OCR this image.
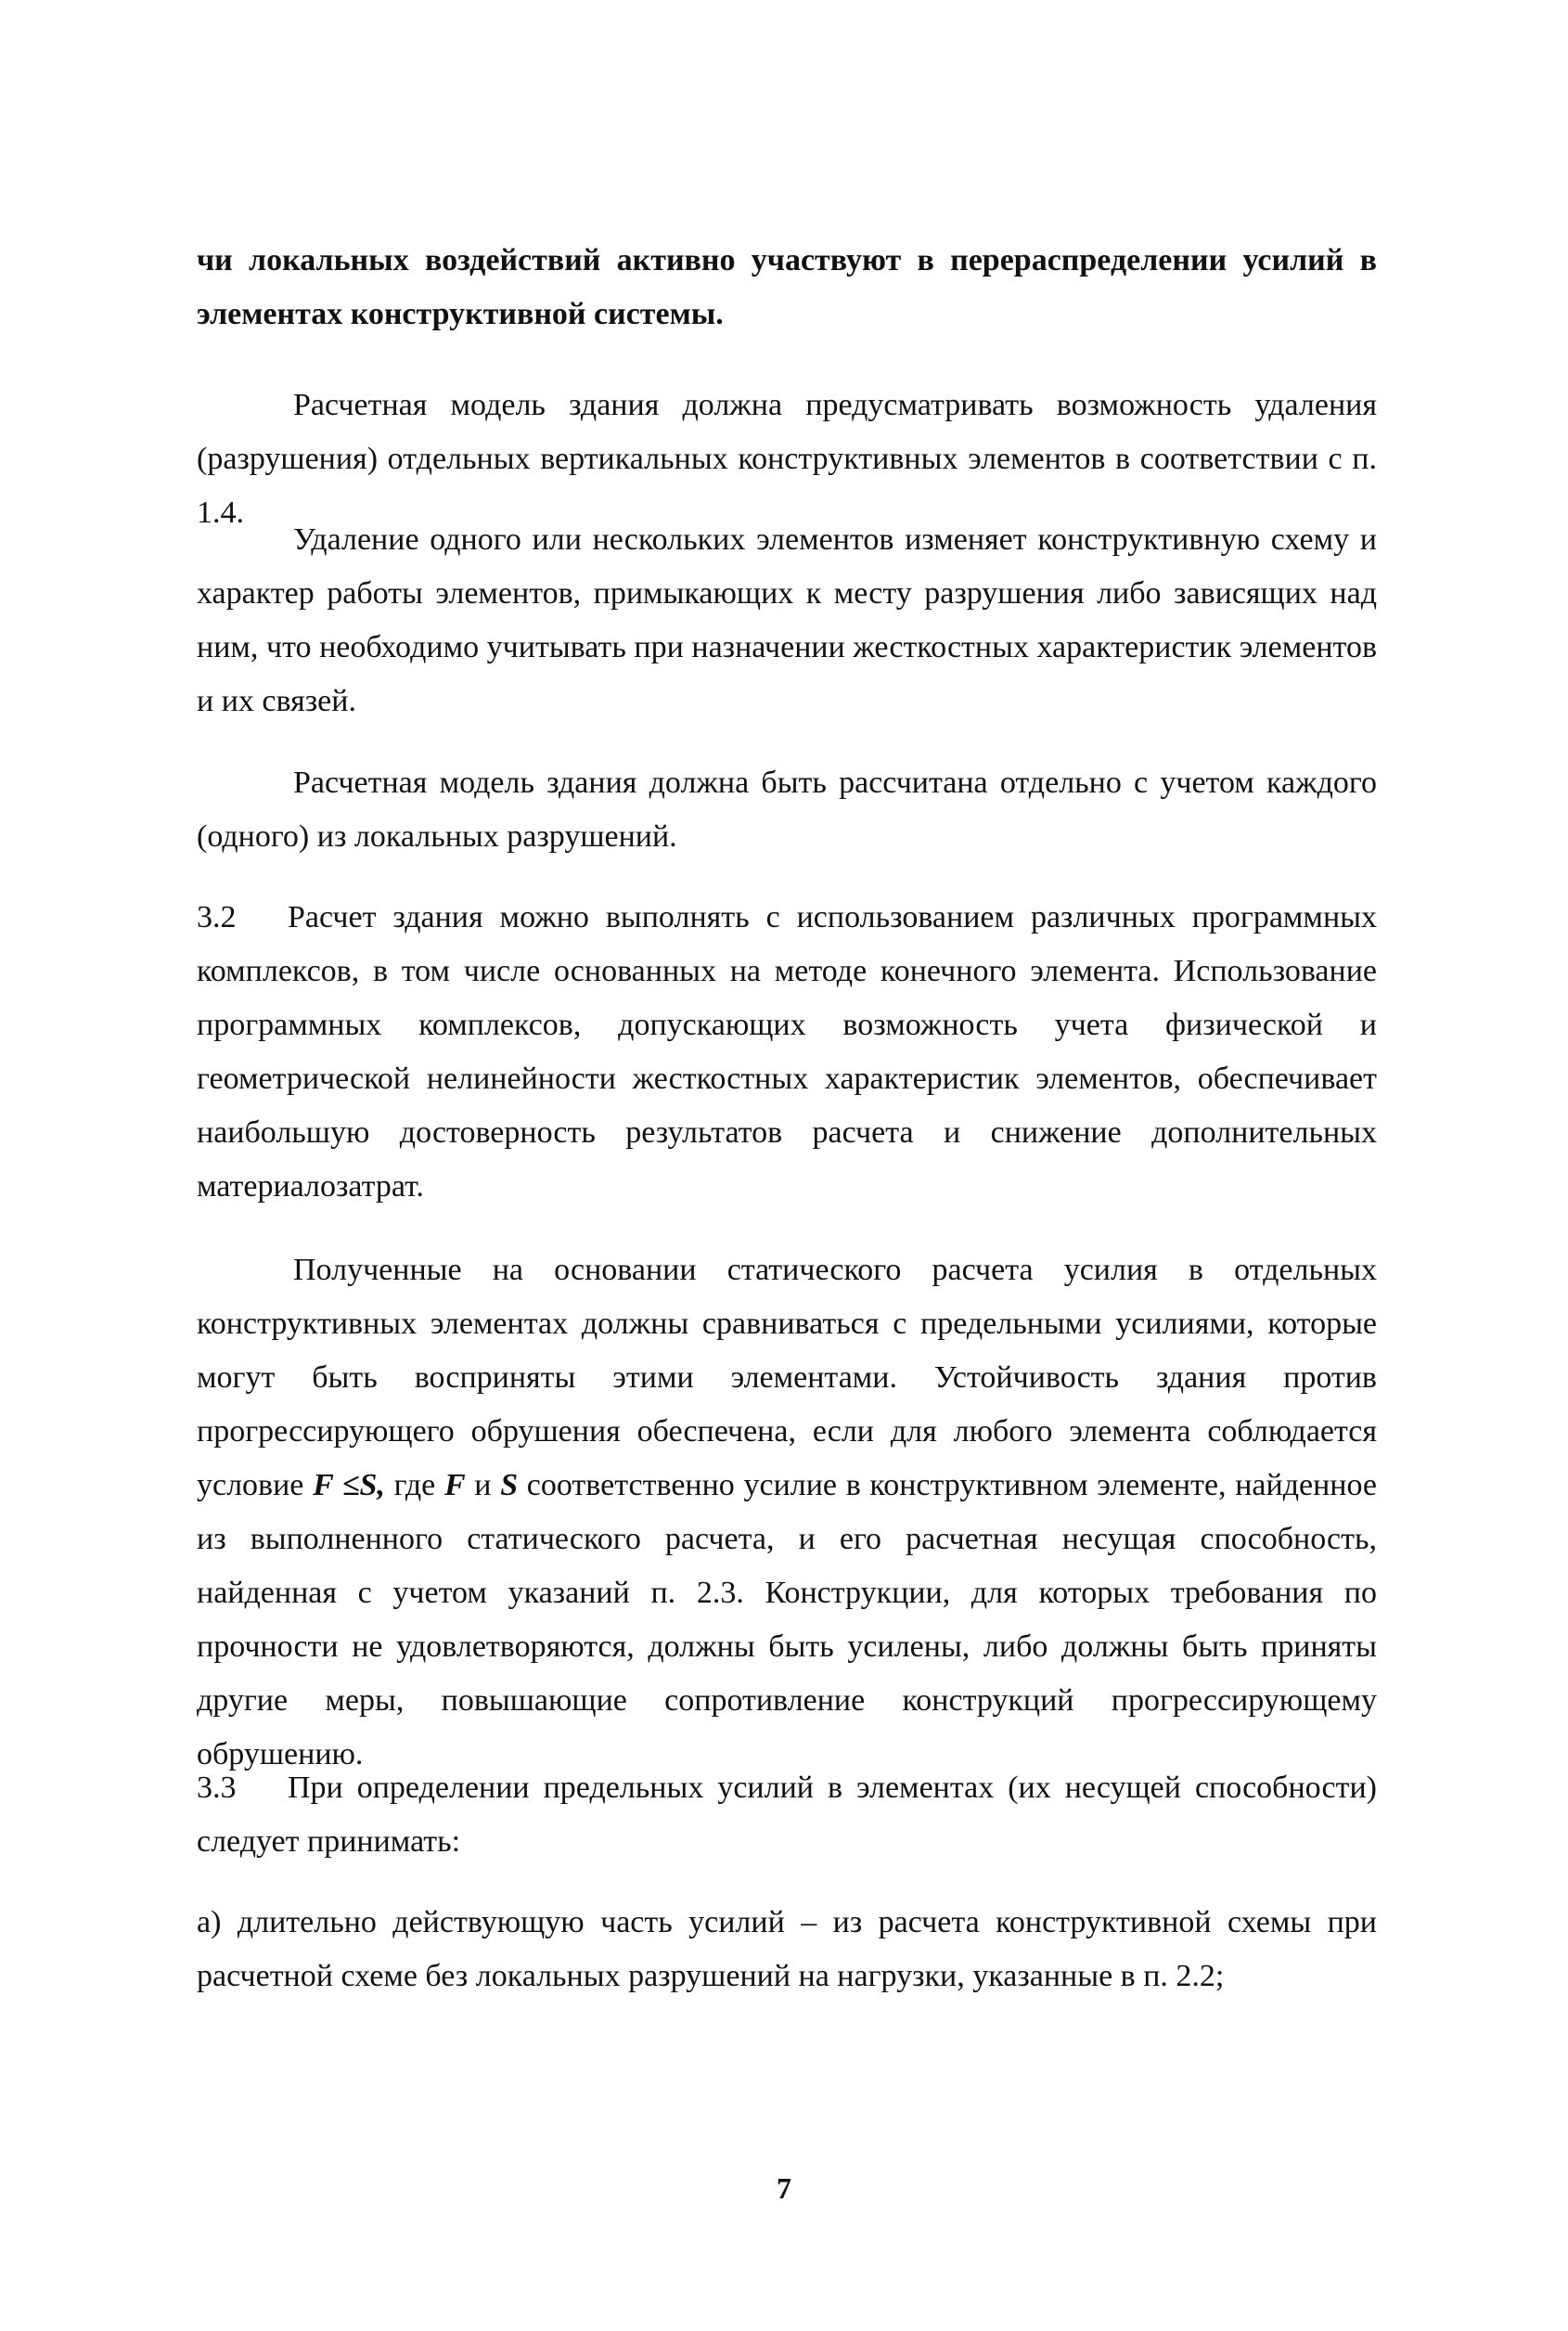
чи локальных воздействий активно участвуют в перераспределении усилий в элементах конструктивной системы.

Расчетная модель здания должна предусматривать возможность удаления (разрушения) отдельных вертикальных конструктивных элементов в соответствии с п. 1.4.

Удаление одного или нескольких элементов изменяет конструктивную схему и характер работы элементов, примыкающих к месту разрушения либо зависящих над ним, что необходимо учитывать при назначении жесткостных характеристик элементов и их связей.

Расчетная модель здания должна быть рассчитана отдельно с учетом каждого (одного) из локальных разрушений.

3.2 Расчет здания можно выполнять с использованием различных программных комплексов, в том числе основанных на методе конечного элемента. Использование программных комплексов, допускающих возможность учета физической и геометрической нелинейности жесткостных характеристик элементов, обеспечивает наибольшую достоверность результатов расчета и снижение дополнительных материалозатрат.

Полученные на основании статического расчета усилия в отдельных конструктивных элементах должны сравниваться с предельными усилиями, которые могут быть восприняты этими элементами. Устойчивость здания против прогрессирующего обрушения обеспечена, если для любого элемента соблюдается условие F ≤S, где F и S соответственно усилие в конструктивном элементе, найденное из выполненного статического расчета, и его расчетная несущая способность, найденная с учетом указаний п. 2.3. Конструкции, для которых требования по прочности не удовлетворяются, должны быть усилены, либо должны быть приняты другие меры, повышающие сопротивление конструкций прогрессирующему обрушению.

3.3 При определении предельных усилий в элементах (их несущей способности) следует принимать:

а) длительно действующую часть усилий – из расчета конструктивной схемы при расчетной схеме без локальных разрушений на нагрузки, указанные в п. 2.2;

7
